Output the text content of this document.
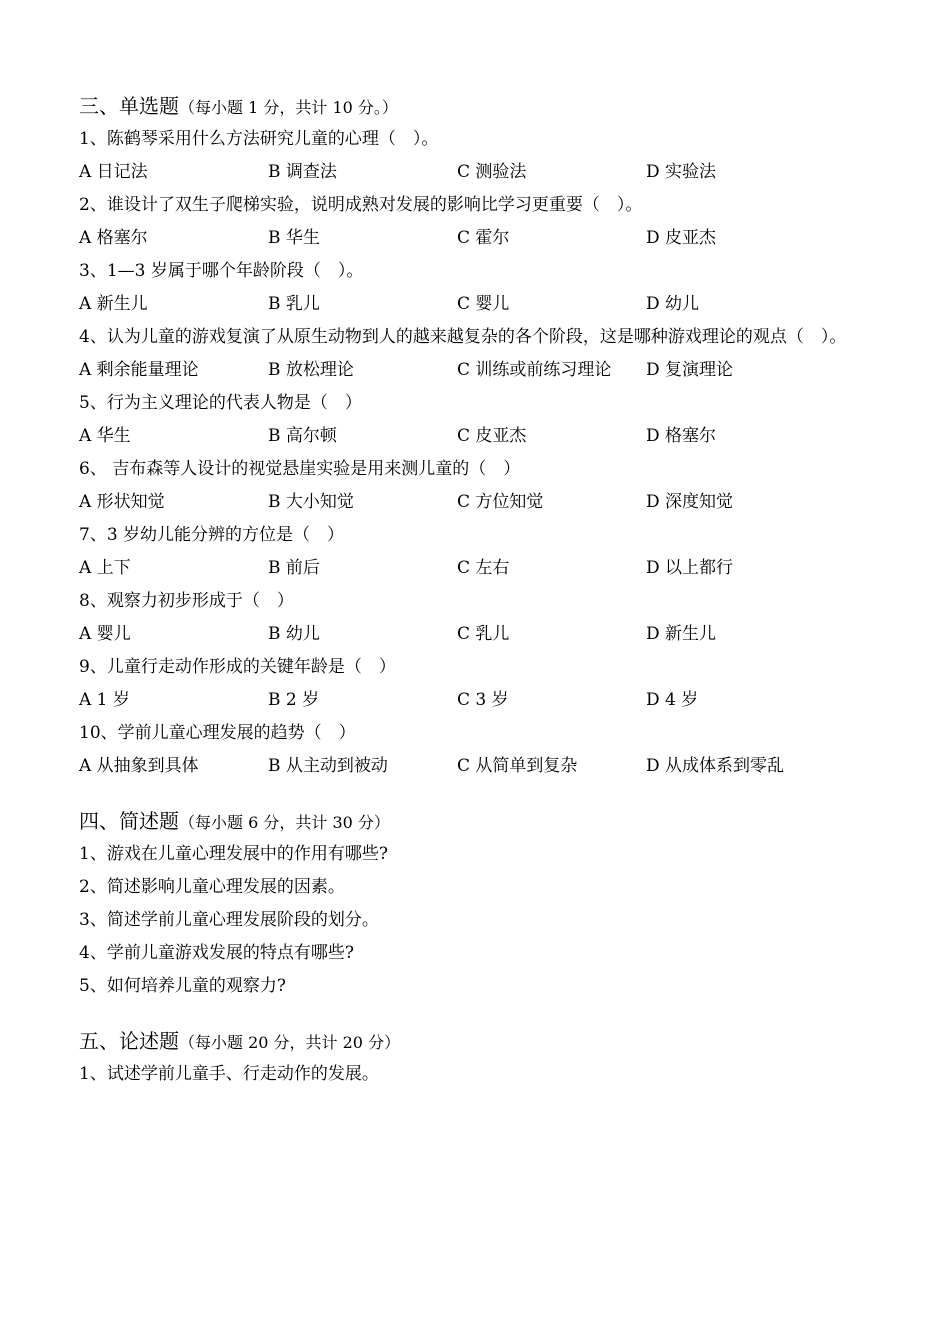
三、单选题（每小题 1 分，共计 10 分。）
1、陈鹤琴采用什么方法研究儿童的心理（　）。
A 日记法	B 调查法	C 测验法	D 实验法
2、谁设计了双生子爬梯实验，说明成熟对发展的影响比学习更重要（　）。
A 格塞尔	B 华生	C 霍尔	D 皮亚杰
3、1—3 岁属于哪个年龄阶段（　）。
A 新生儿	B 乳儿	C 婴儿	D 幼儿
4、认为儿童的游戏复演了从原生动物到人的越来越复杂的各个阶段，这是哪种游戏理论的观点（　）。
A 剩余能量理论	B 放松理论	C 训练或前练习理论	D 复演理论
5、行为主义理论的代表人物是（　）
A 华生	B 高尔顿	C 皮亚杰	D 格塞尔
6、 吉布森等人设计的视觉悬崖实验是用来测儿童的（　）
A 形状知觉	B 大小知觉	C 方位知觉	D 深度知觉
7、3 岁幼儿能分辨的方位是（　）
A 上下	B 前后	C 左右	D 以上都行
8、观察力初步形成于（　）
A 婴儿	B 幼儿	C 乳儿	D 新生儿
9、儿童行走动作形成的关键年龄是（　）
A 1 岁	B 2 岁	C 3 岁	D 4 岁
10、学前儿童心理发展的趋势（　）
A 从抽象到具体	B 从主动到被动	C 从简单到复杂	D 从成体系到零乱
四、简述题（每小题 6 分，共计 30 分）
1、游戏在儿童心理发展中的作用有哪些?
2、简述影响儿童心理发展的因素。
3、简述学前儿童心理发展阶段的划分。
4、学前儿童游戏发展的特点有哪些?
5、如何培养儿童的观察力?
五、论述题（每小题 20 分，共计 20 分）
1、试述学前儿童手、行走动作的发展。
